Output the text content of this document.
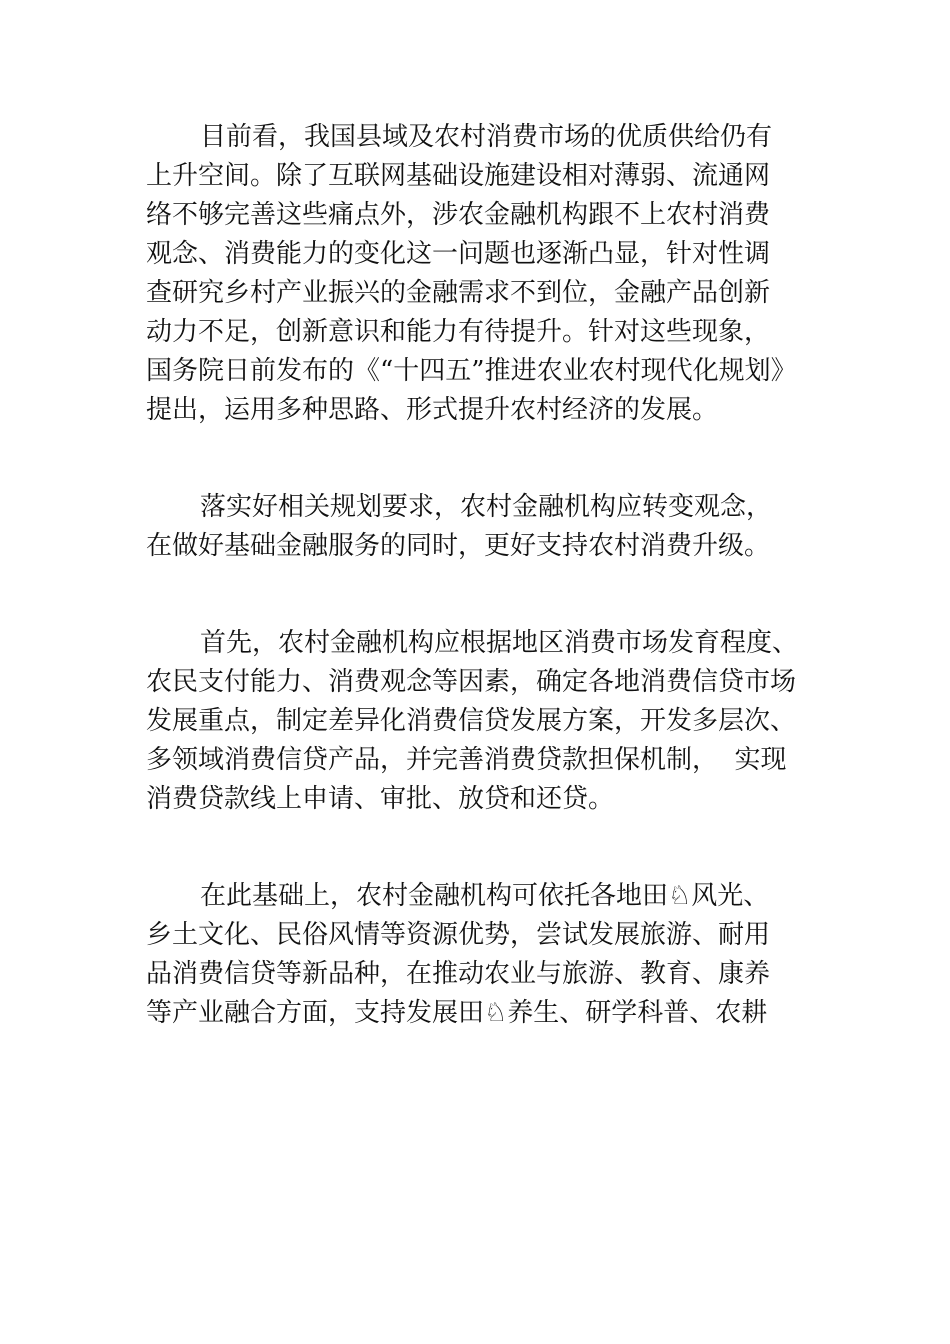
目前看，我国县域及农村消费市场的优质供给仍有
上升空间。除了互联网基础设施建设相对薄弱、流通网
络不够完善这些痛点外，涉农金融机构跟不上农村消费
观念、消费能力的变化这一问题也逐渐凸显，针对性调
查研究乡村产业振兴的金融需求不到位，金融产品创新
动力不足，创新意识和能力有待提升。针对这些现象，
国务院日前发布的《“十四五”推进农业农村现代化规划》
提出，运用多种思路、形式提升农村经济的发展。

落实好相关规划要求，农村金融机构应转变观念，
在做好基础金融服务的同时，更好支持农村消费升级。

首先，农村金融机构应根据地区消费市场发育程度、
农民支付能力、消费观念等因素，确定各地消费信贷市场
发展重点，制定差异化消费信贷发展方案，开发多层次、
多领域消费信贷产品，并完善消费贷款担保机制，  实现
消费贷款线上申请、审批、放贷和还贷。

在此基础上，农村金融机构可依托各地田♘风光、
乡土文化、民俗风情等资源优势，尝试发展旅游、耐用
品消费信贷等新品种，在推动农业与旅游、教育、康养
等产业融合方面，支持发展田♘养生、研学科普、农耕
